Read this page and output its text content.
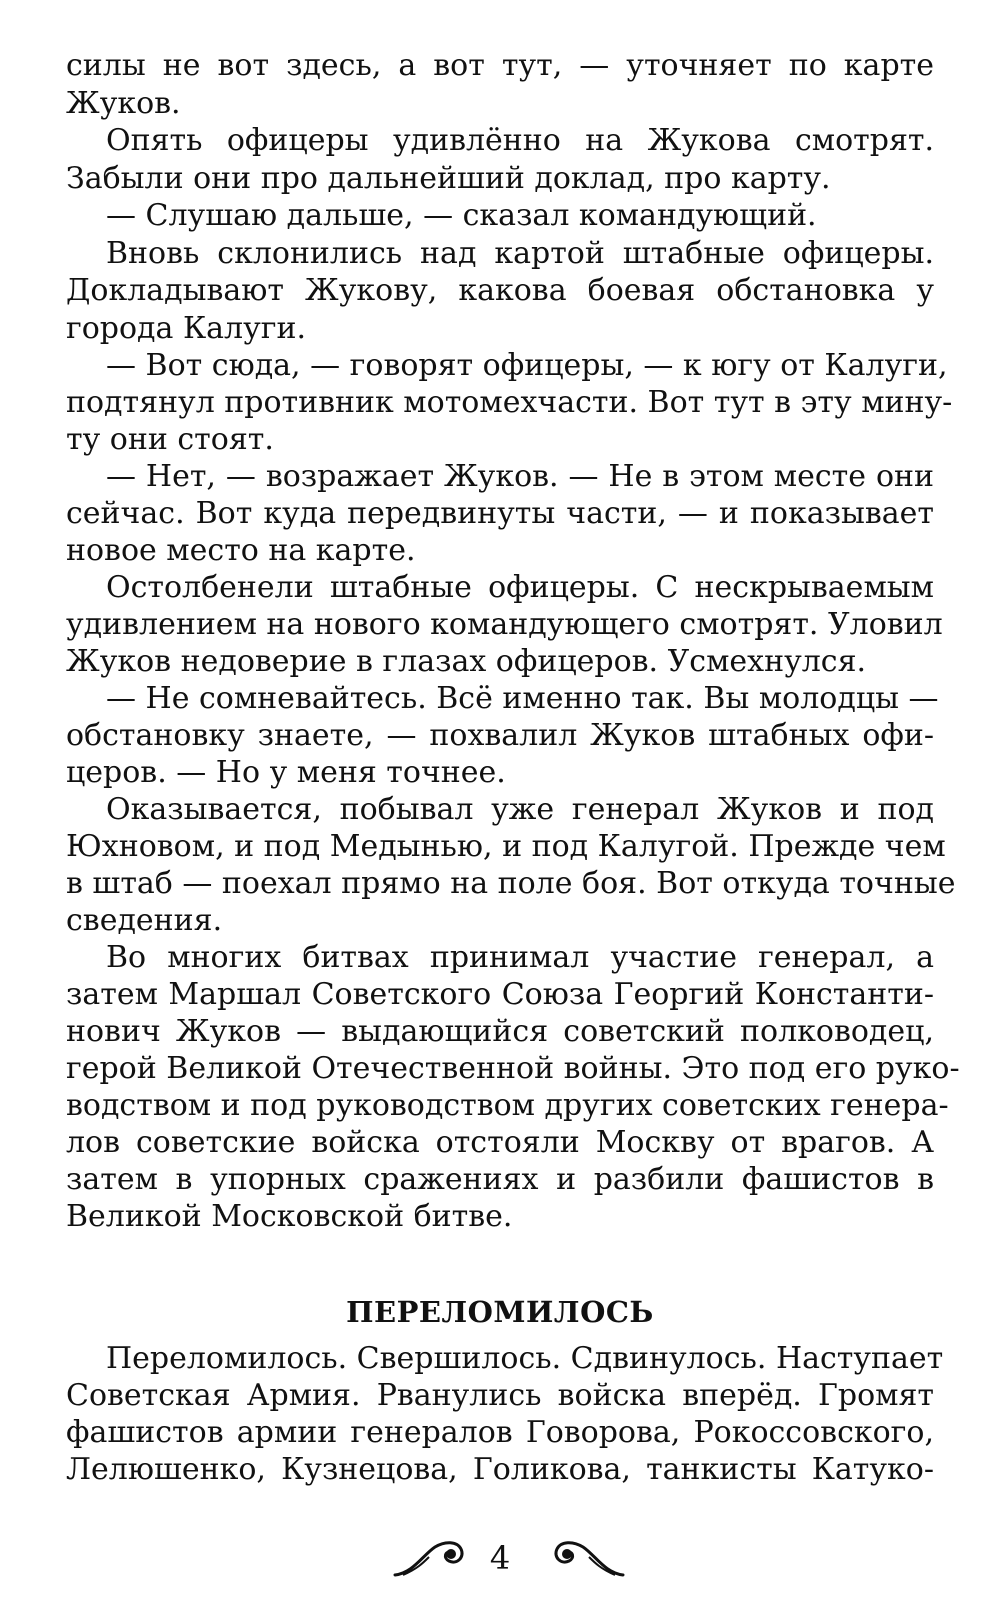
силы не вот здесь, а вот тут, — уточняет по карте
Жуков.
Опять офицеры удивлённо на Жукова смотрят.
Забыли они про дальнейший доклад, про карту.
— Слушаю дальше, — сказал командующий.
Вновь склонились над картой штабные офицеры.
Докладывают Жукову, какова боевая обстановка у
города Калуги.
— Вот сюда, — говорят офицеры, — к югу от Калуги,
подтянул противник мотомехчасти. Вот тут в эту мину-
ту они стоят.
— Нет, — возражает Жуков. — Не в этом месте они
сейчас. Вот куда передвинуты части, — и показывает
новое место на карте.
Остолбенели штабные офицеры. С нескрываемым
удивлением на нового командующего смотрят. Уловил
Жуков недоверие в глазах офицеров. Усмехнулся.
— Не сомневайтесь. Всё именно так. Вы молодцы —
обстановку знаете, — похвалил Жуков штабных офи-
церов. — Но у меня точнее.
Оказывается, побывал уже генерал Жуков и под
Юхновом, и под Медынью, и под Калугой. Прежде чем
в штаб — поехал прямо на поле боя. Вот откуда точные
сведения.
Во многих битвах принимал участие генерал, а
затем Маршал Советского Союза Георгий Константи-
нович Жуков — выдающийся советский полководец,
герой Великой Отечественной войны. Это под его руко-
водством и под руководством других советских генера-
лов советские войска отстояли Москву от врагов. А
затем в упорных сражениях и разбили фашистов в
Великой Московской битве.
ПЕРЕЛОМИЛОСЬ
Переломилось. Свершилось. Сдвинулось. Наступает
Советская Армия. Рванулись войска вперёд. Громят
фашистов армии генералов Говорова, Рокоссовского,
Лелюшенко, Кузнецова, Голикова, танкисты Катуко-
4
